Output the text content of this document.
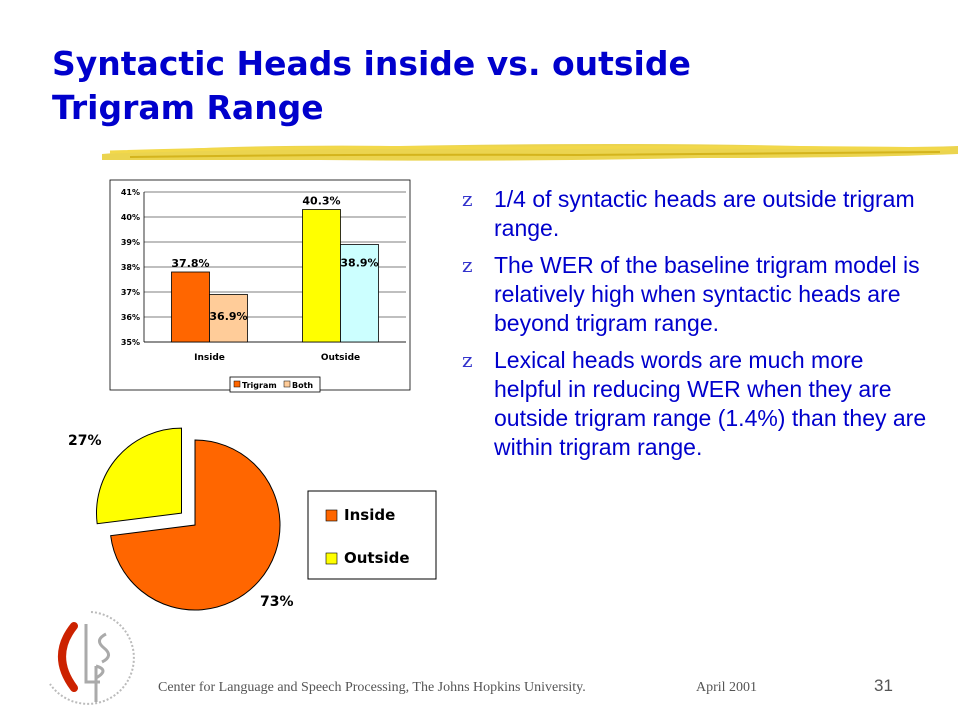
Syntactic Heads inside vs. outside
Trigram Range
35%
36%
37%
38%
39%
40%
41%
37.8%
36.9%
40.3%
38.9%
Inside	Outside
Trigram Both
27%
73%
Inside
Outside
z 1/4 of syntactic heads are outside trigram range.
z The WER of the baseline trigram model is relatively high when syntactic heads are beyond trigram range.
z Lexical heads words are much more helpful in reducing WER when they are outside trigram range (1.4%) than they are within trigram range.
Center for Language and Speech Processing, The Johns Hopkins University.	April 2001	31
